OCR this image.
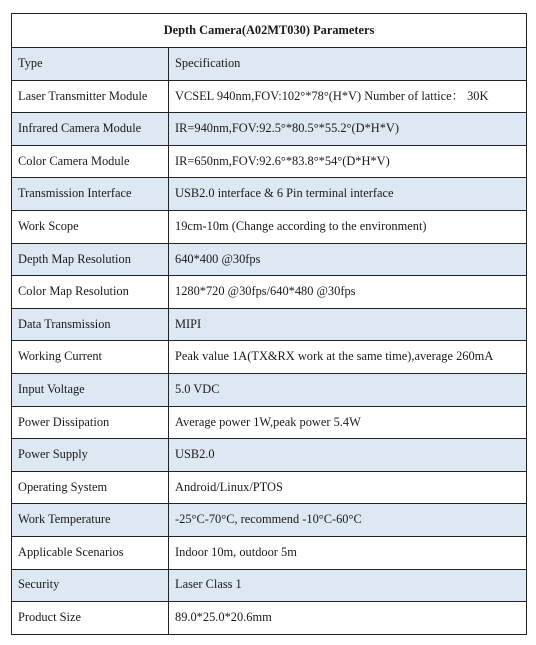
Depth Camera(A02MT030) Parameters	
Type	Specification
Laser Transmitter Module	VCSEL 940nm,FOV:102°*78°(H*V) Number of lattice： 30K
Infrared Camera Module	IR=940nm,FOV:92.5°*80.5°*55.2°(D*H*V)
Color Camera Module	IR=650nm,FOV:92.6°*83.8°*54°(D*H*V)
Transmission Interface	USB2.0 interface & 6 Pin terminal interface
Work Scope	19cm-10m (Change according to the environment)
Depth Map Resolution	640*400 @30fps
Color Map Resolution	1280*720 @30fps/640*480 @30fps
Data Transmission	MIPI
Working Current	Peak value 1A(TX&RX work at the same time),average 260mA
Input Voltage	5.0 VDC
Power Dissipation	Average power 1W,peak power 5.4W
Power Supply	USB2.0
Operating System	Android/Linux/PTOS
Work Temperature	-25°C-70°C, recommend -10°C-60°C
Applicable Scenarios	Indoor 10m, outdoor 5m
Security	Laser Class 1
Product Size	89.0*25.0*20.6mm
